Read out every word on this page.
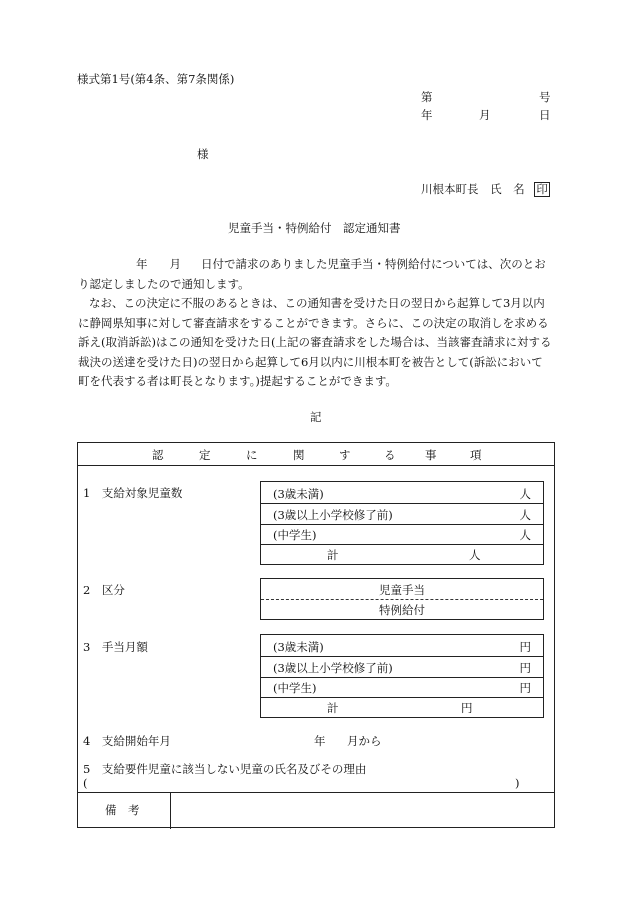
様式第1号(第4条、第7条関係)
第	号
年	月	日
様
川根本町長 氏　名 印
児童手当・特例給付　認定通知書
年 月 日付で請求のありました児童手当・特例給付については、次のとおり認定しましたので通知します。
なお、この決定に不服のあるときは、この通知書を受けた日の翌日から起算して3月以内に静岡県知事に対して審査請求をすることができます。さらに、この決定の取消しを求める訴え(取消訴訟)はこの通知を受けた日(上記の審査請求をした場合は、当該審査請求に対する裁決の送達を受けた日)の翌日から起算して6月以内に川根本町を被告として(訴訟において町を代表する者は町長となります。)提起することができます。
記
認	定	に	関	す	る	事	項
1　支給対象児童数	(3歳未満)	人
(3歳以上小学校修了前)	人
(中学生)	人
計	人
2　区分	児童手当
特例給付
3　手当月額	(3歳未満)	円
(3歳以上小学校修了前)	円
(中学生)	円
計	円
4　支給開始年月	年 月から
5　支給要件児童に該当しない児童の氏名及びその理由
(	)
備　考
